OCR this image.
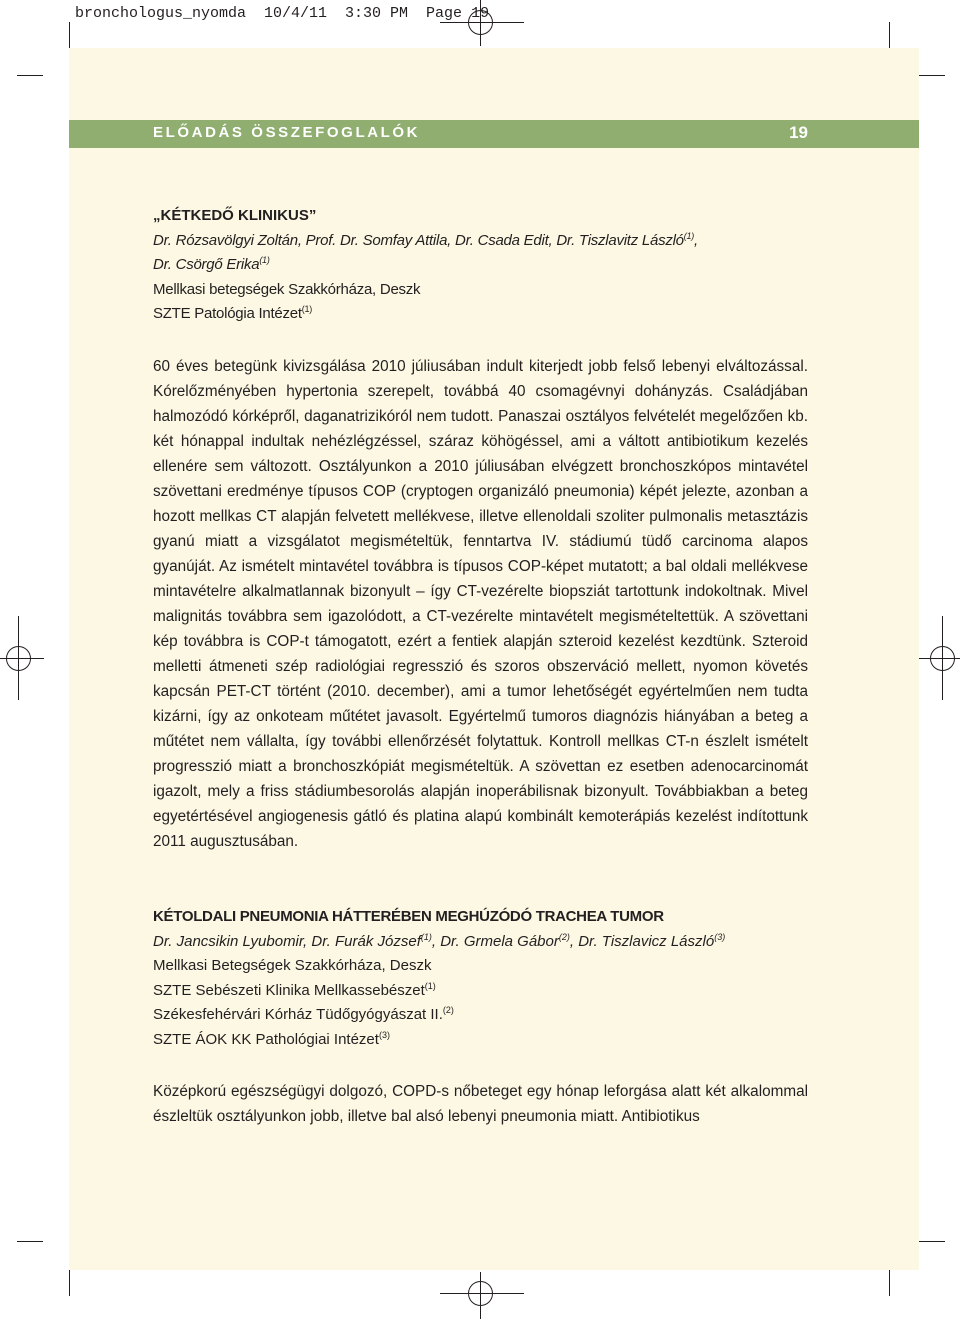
bronchologus_nyomda  10/4/11  3:30 PM  Page 19
ELŐADÁS ÖSSZEFOGLALÓK	19
„KÉTKEDŐ KLINIKUS”
Dr. Rózsavölgyi Zoltán, Prof. Dr. Somfay Attila, Dr. Csada Edit, Dr. Tiszlavitz László$^{(1)}$,
Dr. Csörgő Erika$^{(1)}$
Mellkasi betegségek Szakkórháza, Deszk
SZTE Patológia Intézet$^{(1)}$
60 éves betegünk kivizsgálása 2010 júliusában indult kiterjedt jobb felső lebenyi elváltozással. Kórelőzményében hypertonia szerepelt, továbbá 40 csomagévnyi dohányzás. Családjában halmozódó kórképről, daganatrizikóról nem tudott. Panaszai osztályos felvételét megelőzően kb. két hónappal indultak nehézlégzéssel, száraz köhögéssel, ami a váltott antibiotikum kezelés ellenére sem változott. Osztályunkon a 2010 júliusában elvégzett bronchoszkópos mintavétel szövettani eredménye típusos COP (cryptogen organizáló pneumonia) képét jelezte, azonban a hozott mellkas CT alapján felvetett mellékvese, illetve ellenoldali szoliter pulmonalis metasztázis gyanú miatt a vizsgálatot megismételtük, fenntartva IV. stádiumú tüdő carcinoma alapos gyanúját. Az ismételt mintavétel továbbra is típusos COP-képet mutatott; a bal oldali mellékvese mintavételre alkalmatlannak bizonyult – így CT-vezérelte biopsziát tartottunk indokoltnak. Mivel malignitás továbbra sem igazolódott, a CT-vezérelte mintavételt megismételtettük. A szövettani kép továbbra is COP-t támogatott, ezért a fentiek alapján szteroid kezelést kezdtünk. Szteroid melletti átmeneti szép radiológiai regresszió és szoros obszerváció mellett, nyomon követés kapcsán PET-CT történt (2010. december), ami a tumor lehetőségét egyértelműen nem tudta kizárni, így az onkoteam műtétet javasolt. Egyértelmű tumoros diagnózis hiányában a beteg a műtétet nem vállalta, így további ellenőrzését folytattuk. Kontroll mellkas CT-n észlelt ismételt progresszió miatt a bronchoszkópiát megismételtük. A szövettan ez esetben adenocarcinomát igazolt, mely a friss stádiumbesorolás alapján inoperábilisnak bizonyult. Továbbiakban a beteg egyetértésével angiogenesis gátló és platina alapú kombinált kemoterápiás kezelést indítottunk 2011 augusztusában.
KÉTOLDALI PNEUMONIA HÁTTERÉBEN MEGHÚZÓDÓ TRACHEA TUMOR
Dr. Jancsikin Lyubomir, Dr. Furák József$^{(1)}$, Dr. Grmela Gábor$^{(2)}$, Dr. Tiszlavicz László$^{(3)}$
Mellkasi Betegségek Szakkórháza, Deszk
SZTE Sebészeti Klinika Mellkassebészet$^{(1)}$
Székesfehérvári Kórház Tüdőgyógyászat II.$^{(2)}$
SZTE ÁOK KK Pathológiai Intézet$^{(3)}$
Középkorú egészségügyi dolgozó, COPD-s nőbeteget egy hónap leforgása alatt két alkalommal észleltük osztályunkon jobb, illetve bal alsó lebenyi pneumonia miatt. Antibiotikus
